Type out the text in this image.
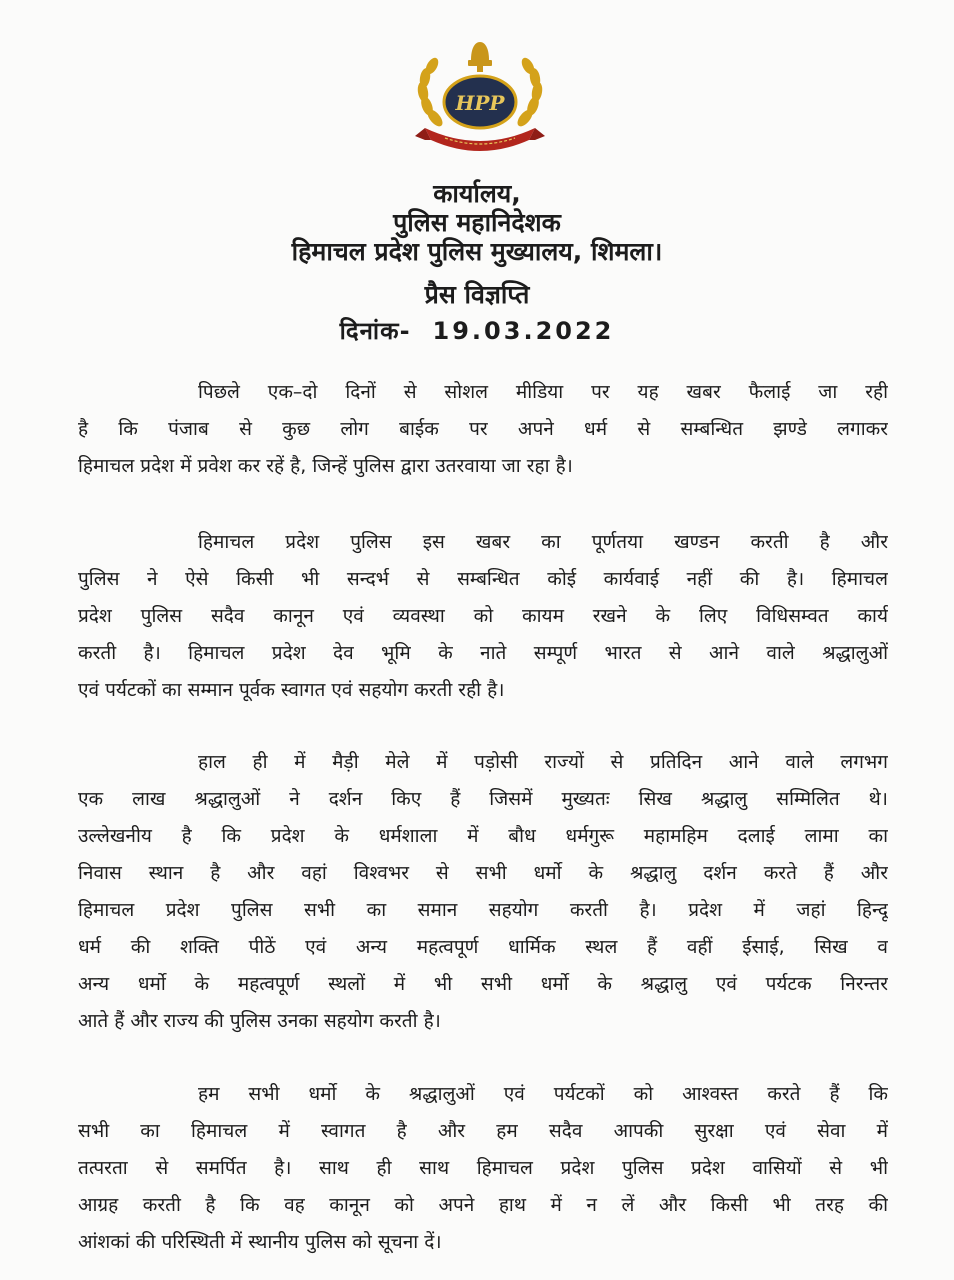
HPP
कार्यालय,
पुलिस महानिदेशक
हिमाचल प्रदेश पुलिस मुख्यालय, शिमला।
प्रैस विज्ञप्ति
दिनांक- 19.03.2022
पिछले एक–दो दिनों से सोशल मीडिया पर यह खबर फैलाई जा रही
है कि पंजाब से कुछ लोग बाईक पर अपने धर्म से सम्बन्धित झण्डे लगाकर
हिमाचल प्रदेश में प्रवेश कर रहें है, जिन्हें पुलिस द्वारा उतरवाया जा रहा है।
हिमाचल प्रदेश पुलिस इस खबर का पूर्णतया खण्डन करती है और
पुलिस ने ऐसे किसी भी सन्दर्भ से सम्बन्धित कोई कार्यवाई नहीं की है। हिमाचल
प्रदेश पुलिस सदैव कानून एवं व्यवस्था को कायम रखने के लिए विधिसम्वत कार्य
करती है। हिमाचल प्रदेश देव भूमि के नाते सम्पूर्ण भारत से आने वाले श्रद्धालुओं
एवं पर्यटकों का सम्मान पूर्वक स्वागत एवं सहयोग करती रही है।
हाल ही में मैड़ी मेले में पड़ोसी राज्यों से प्रतिदिन आने वाले लगभग
एक लाख श्रद्धालुओं ने दर्शन किए हैं जिसमें मुख्यतः सिख श्रद्धालु सम्मिलित थे।
उल्लेखनीय है कि प्रदेश के धर्मशाला में बौध धर्मगुरू महामहिम दलाई लामा का
निवास स्थान है और वहां विश्वभर से सभी धर्मो के श्रद्धालु दर्शन करते हैं और
हिमाचल प्रदेश पुलिस सभी का समान सहयोग करती है। प्रदेश में जहां हिन्दू
धर्म की शक्ति पीठें एवं अन्य महत्वपूर्ण धार्मिक स्थल हैं वहीं ईसाई, सिख व
अन्य धर्मो के महत्वपूर्ण स्थलों में भी सभी धर्मो के श्रद्धालु एवं पर्यटक निरन्तर
आते हैं और राज्य की पुलिस उनका सहयोग करती है।
हम सभी धर्मो के श्रद्धालुओं एवं पर्यटकों को आश्वस्त करते हैं कि
सभी का हिमाचल में स्वागत है और हम सदैव आपकी सुरक्षा एवं सेवा में
तत्परता से समर्पित है। साथ ही साथ हिमाचल प्रदेश पुलिस प्रदेश वासियों से भी
आग्रह करती है कि वह कानून को अपने हाथ में न लें और किसी भी तरह की
आंशकां की परिस्थिती में स्थानीय पुलिस को सूचना दें।
